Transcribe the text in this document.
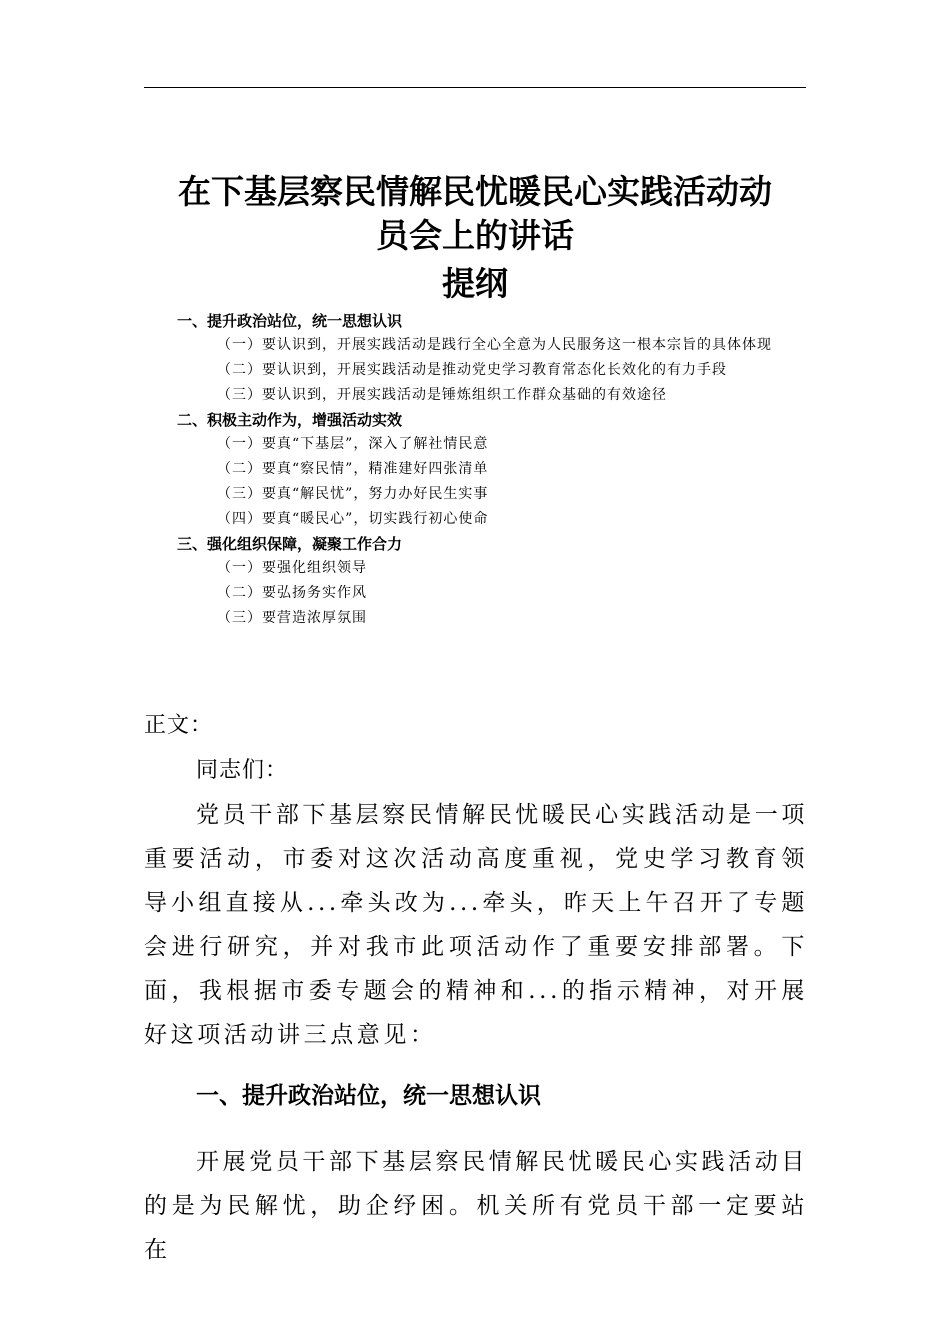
在下基层察民情解民忧暖民心实践活动动
员会上的讲话
提纲
一、提升政治站位，统一思想认识
（一）要认识到，开展实践活动是践行全心全意为人民服务这一根本宗旨的具体体现
（二）要认识到，开展实践活动是推动党史学习教育常态化长效化的有力手段
（三）要认识到，开展实践活动是锤炼组织工作群众基础的有效途径
二、积极主动作为，增强活动实效
（一）要真“下基层”，深入了解社情民意
（二）要真“察民情”，精准建好四张清单
（三）要真“解民忧”，努力办好民生实事
（四）要真“暖民心”，切实践行初心使命
三、强化组织保障，凝聚工作合力
（一）要强化组织领导
（二）要弘扬务实作风
（三）要营造浓厚氛围
正文：
同志们：

党员干部下基层察民情解民忧暖民心实践活动是一项重要活动，市委对这次活动高度重视，党史学习教育领导小组直接从...牵头改为...牵头，昨天上午召开了专题会进行研究，并对我市此项活动作了重要安排部署。下面，我根据市委专题会的精神和...的指示精神，对开展好这项活动讲三点意见：

一、提升政治站位，统一思想认识

开展党员干部下基层察民情解民忧暖民心实践活动目的是为民解忧，助企纾困。机关所有党员干部一定要站在
